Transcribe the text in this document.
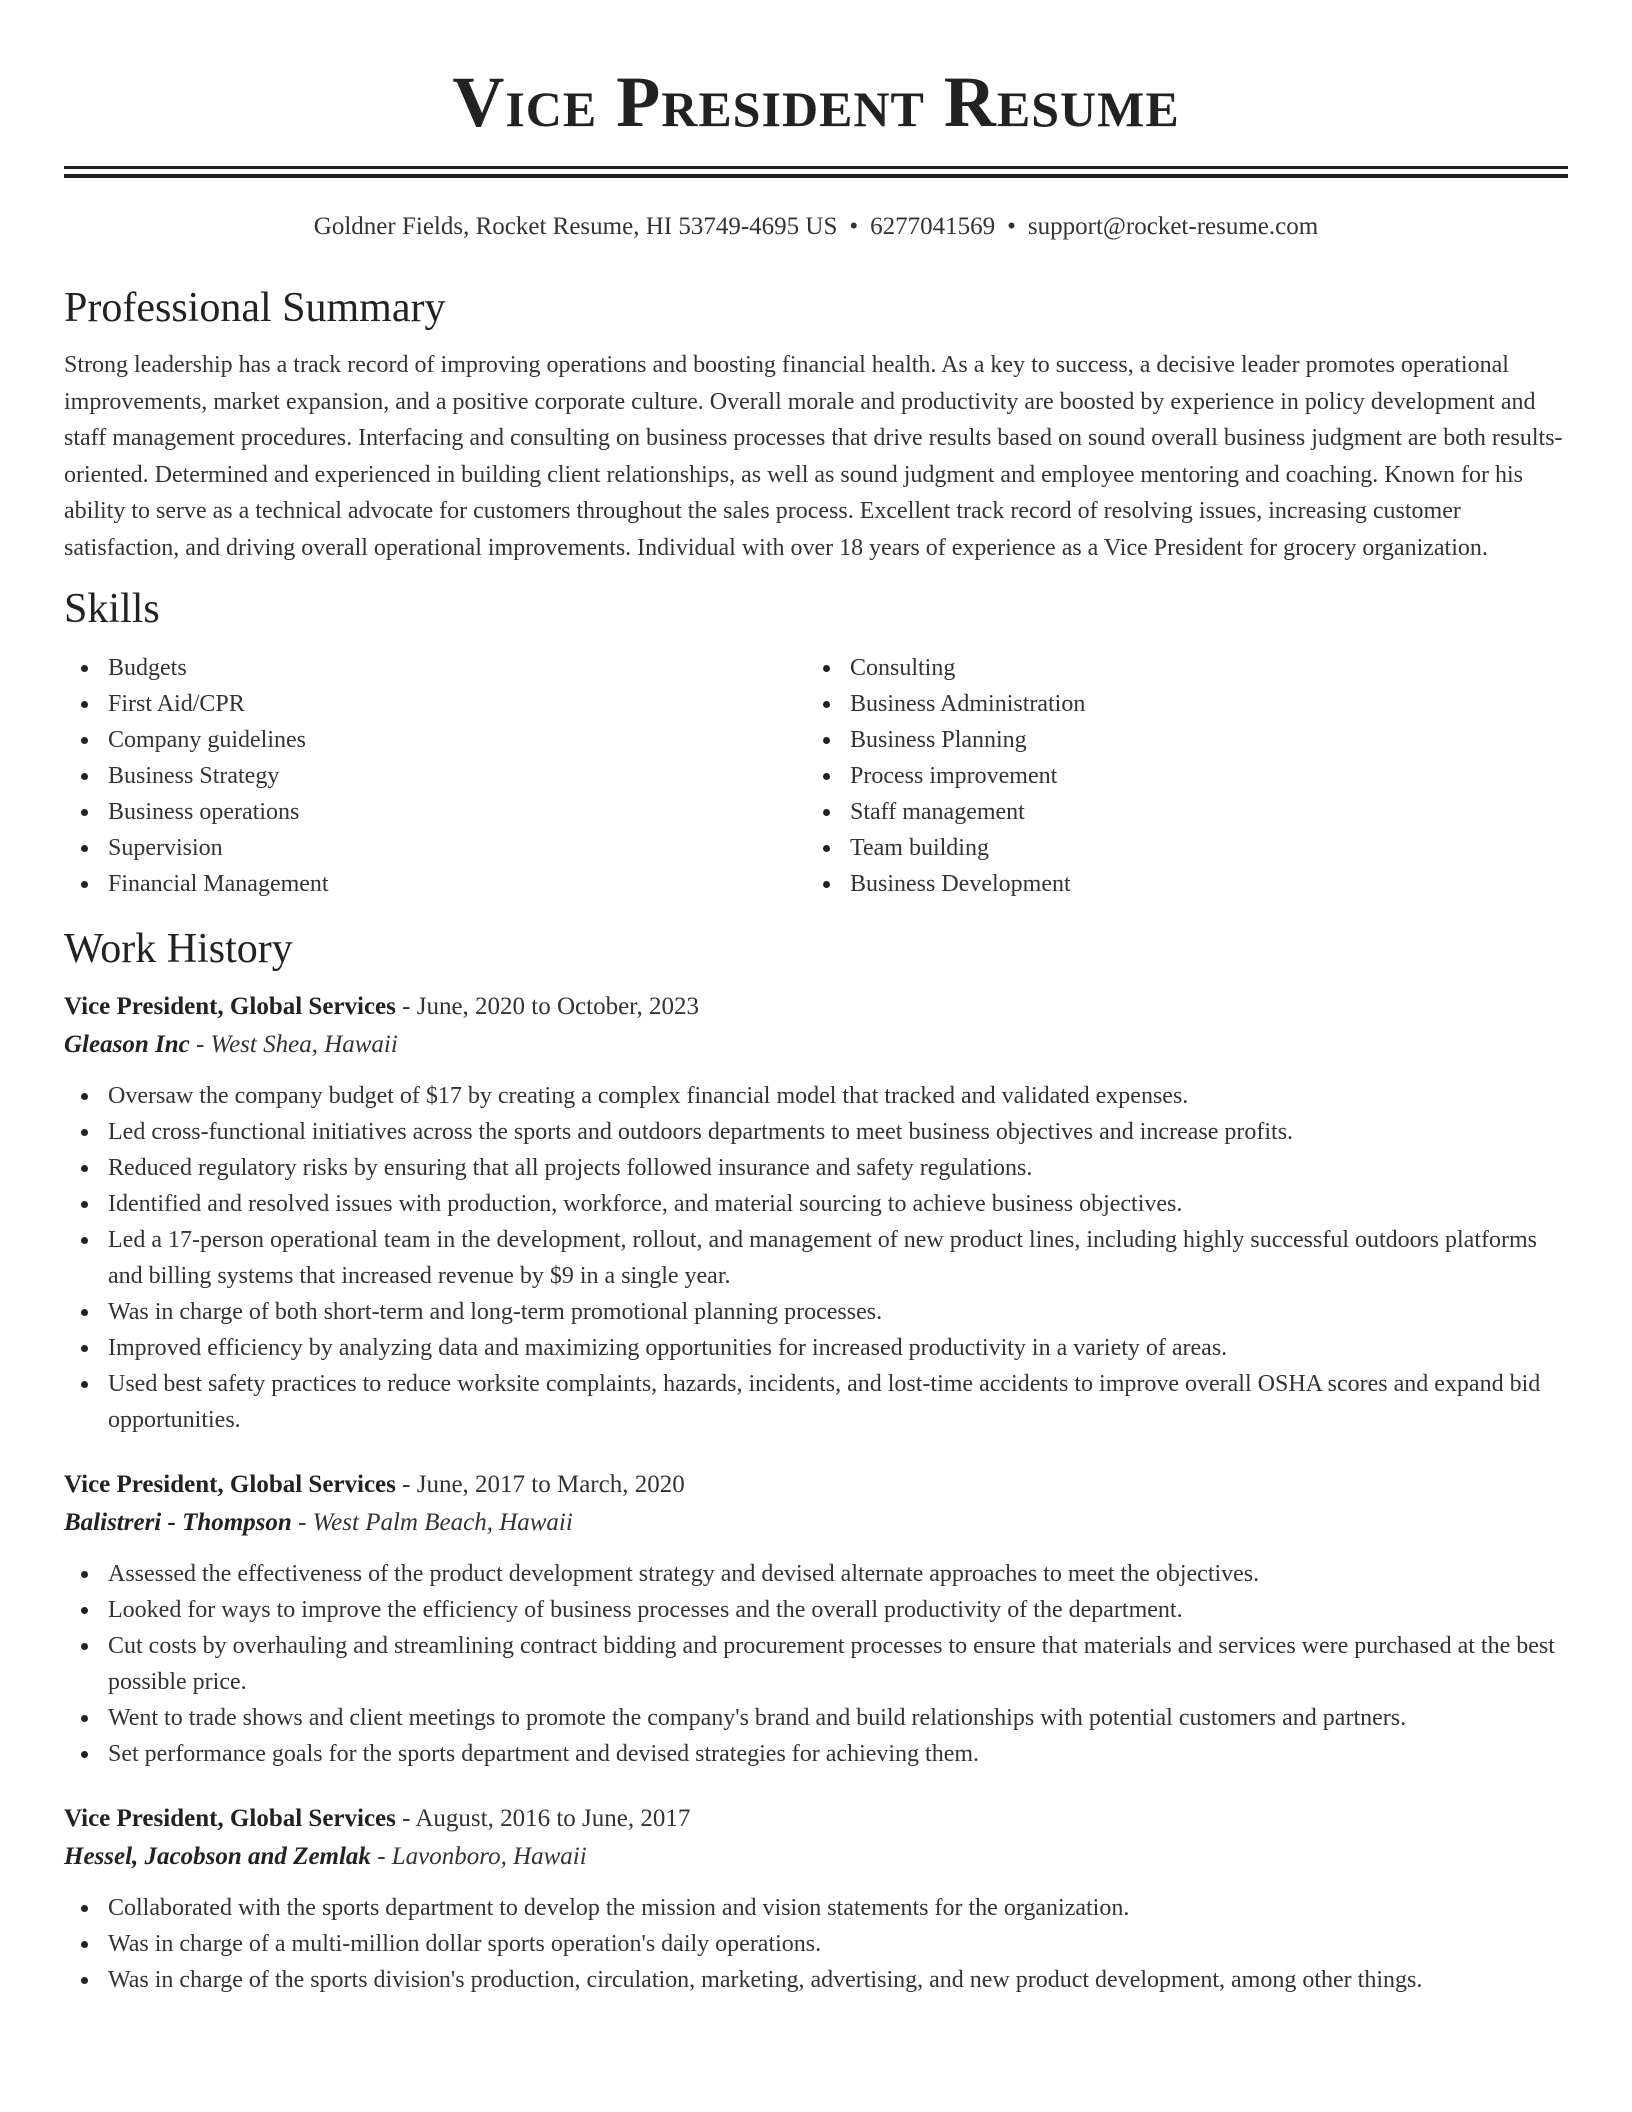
Vice President Resume
Goldner Fields, Rocket Resume, HI 53749-4695 US • 6277041569 • support@rocket-resume.com
Professional Summary

Strong leadership has a track record of improving operations and boosting financial health. As a key to success, a decisive leader promotes operational improvements, market expansion, and a positive corporate culture. Overall morale and productivity are boosted by experience in policy development and staff management procedures. Interfacing and consulting on business processes that drive results based on sound overall business judgment are both results-oriented. Determined and experienced in building client relationships, as well as sound judgment and employee mentoring and coaching. Known for his ability to serve as a technical advocate for customers throughout the sales process. Excellent track record of resolving issues, increasing customer satisfaction, and driving overall operational improvements. Individual with over 18 years of experience as a Vice President for grocery organization.

Skills
Budgets
First Aid/CPR
Company guidelines
Business Strategy
Business operations
Supervision
Financial Management
Consulting
Business Administration
Business Planning
Process improvement
Staff management
Team building
Business Development
Work History
Vice President, Global Services - June, 2020 to October, 2023
Gleason Inc - West Shea, Hawaii
Oversaw the company budget of $17 by creating a complex financial model that tracked and validated expenses.
Led cross-functional initiatives across the sports and outdoors departments to meet business objectives and increase profits.
Reduced regulatory risks by ensuring that all projects followed insurance and safety regulations.
Identified and resolved issues with production, workforce, and material sourcing to achieve business objectives.
Led a 17-person operational team in the development, rollout, and management of new product lines, including highly successful outdoors platforms and billing systems that increased revenue by $9 in a single year.
Was in charge of both short-term and long-term promotional planning processes.
Improved efficiency by analyzing data and maximizing opportunities for increased productivity in a variety of areas.
Used best safety practices to reduce worksite complaints, hazards, incidents, and lost-time accidents to improve overall OSHA scores and expand bid opportunities.
Vice President, Global Services - June, 2017 to March, 2020
Balistreri - Thompson - West Palm Beach, Hawaii
Assessed the effectiveness of the product development strategy and devised alternate approaches to meet the objectives.
Looked for ways to improve the efficiency of business processes and the overall productivity of the department.
Cut costs by overhauling and streamlining contract bidding and procurement processes to ensure that materials and services were purchased at the best possible price.
Went to trade shows and client meetings to promote the company's brand and build relationships with potential customers and partners.
Set performance goals for the sports department and devised strategies for achieving them.
Vice President, Global Services - August, 2016 to June, 2017
Hessel, Jacobson and Zemlak - Lavonboro, Hawaii
Collaborated with the sports department to develop the mission and vision statements for the organization.
Was in charge of a multi-million dollar sports operation's daily operations.
Was in charge of the sports division's production, circulation, marketing, advertising, and new product development, among other things.
